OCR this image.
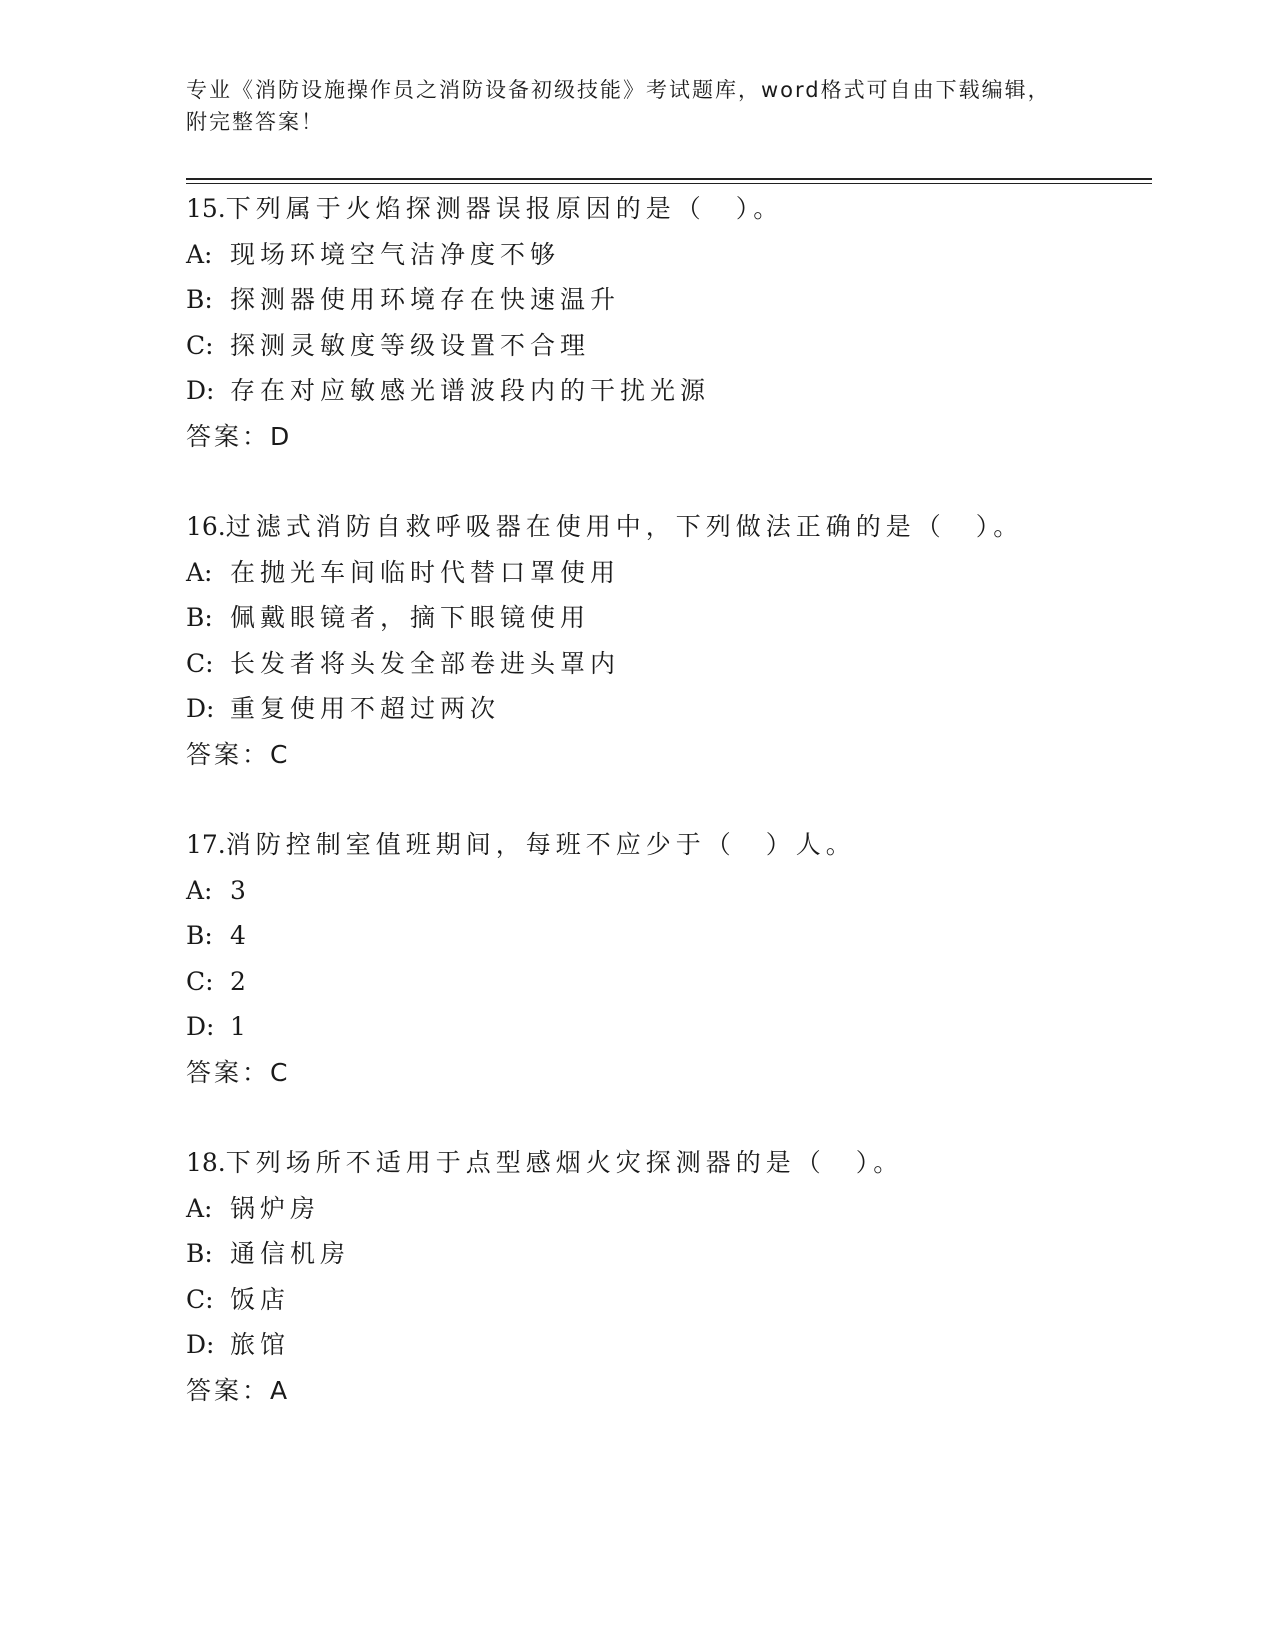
专业《消防设施操作员之消防设备初级技能》考试题库，word格式可自由下载编辑，附完整答案！
15.下列属于火焰探测器误报原因的是（　）。
A: 现场环境空气洁净度不够
B: 探测器使用环境存在快速温升
C: 探测灵敏度等级设置不合理
D: 存在对应敏感光谱波段内的干扰光源
答案：D
16.过滤式消防自救呼吸器在使用中，下列做法正确的是（　）。
A: 在抛光车间临时代替口罩使用
B: 佩戴眼镜者，摘下眼镜使用
C: 长发者将头发全部卷进头罩内
D: 重复使用不超过两次
答案：C
17.消防控制室值班期间，每班不应少于（　）人。
A: 3
B: 4
C: 2
D: 1
答案：C
18.下列场所不适用于点型感烟火灾探测器的是（　）。
A: 锅炉房
B: 通信机房
C: 饭店
D: 旅馆
答案：A
